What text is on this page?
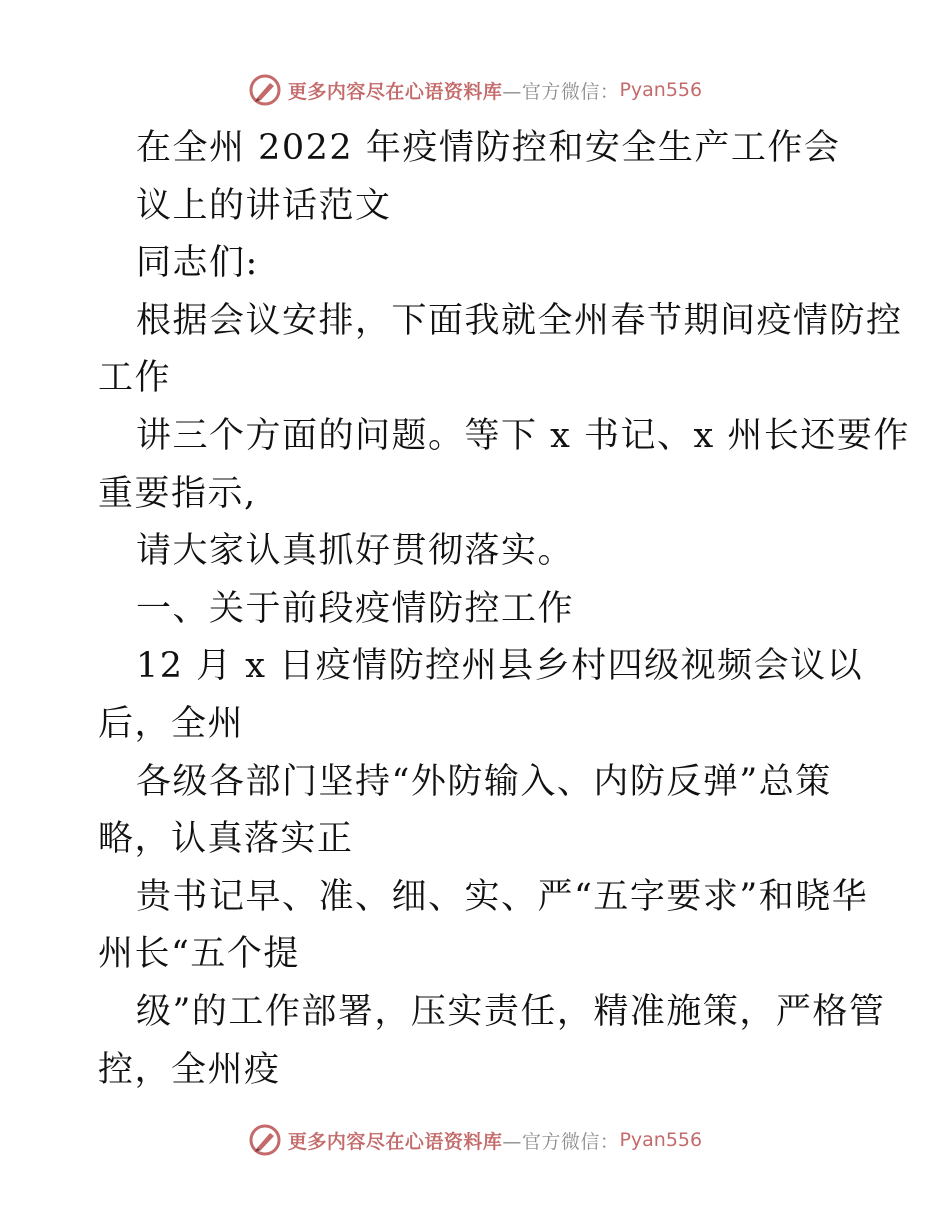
更多内容尽在心语资料库 —官方微信： Pyan556
在全州 2022 年疫情防控和安全生产工作会
议上的讲话范文
同志们:
根据会议安排，下面我就全州春节期间疫情防控
工作
讲三个方面的问题。等下 x 书记、x 州长还要作
重要指示,
请大家认真抓好贯彻落实。
一、关于前段疫情防控工作
12 月 x 日疫情防控州县乡村四级视频会议以
后，全州
各级各部门坚持“外防输入、内防反弹”总策
略，认真落实正
贵书记早、准、细、实、严“五字要求”和晓华
州长“五个提
级”的工作部署，压实责任，精准施策，严格管
控，全州疫
更多内容尽在心语资料库 —官方微信： Pyan556
